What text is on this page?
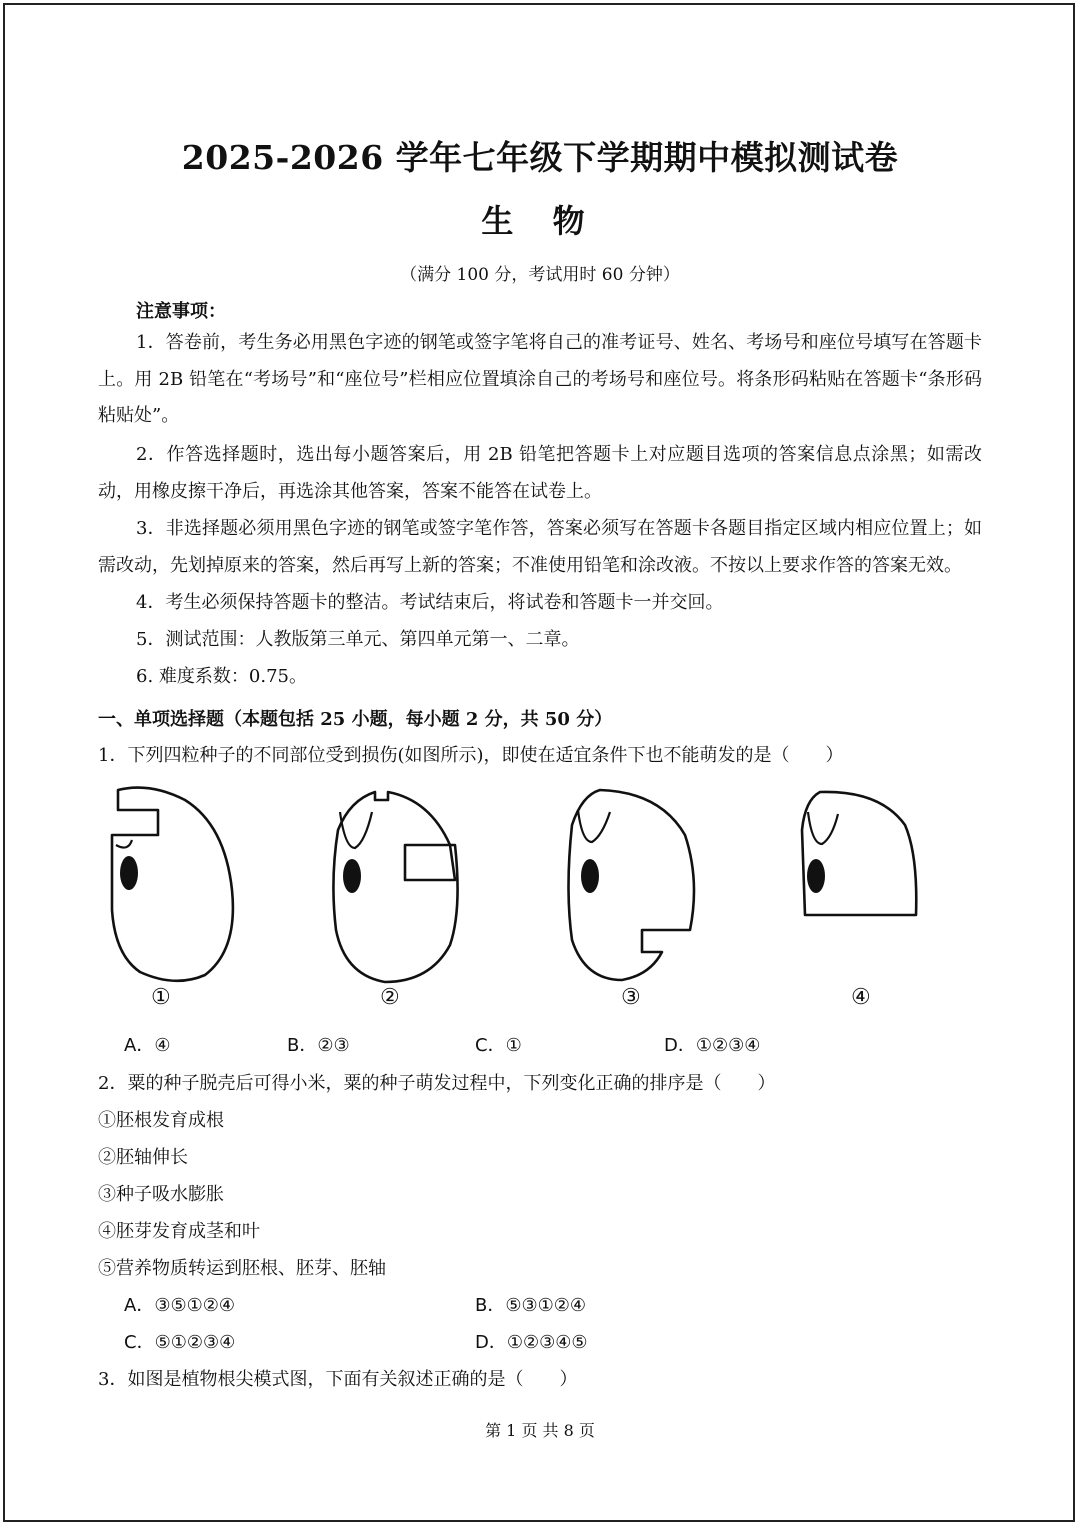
2025-2026 学年七年级下学期期中模拟测试卷
生 物
（满分 100 分，考试用时 60 分钟）
注意事项：
1．答卷前，考生务必用黑色字迹的钢笔或签字笔将自己的准考证号、姓名、考场号和座位号填写在答题卡上。用 2B 铅笔在“考场号”和“座位号”栏相应位置填涂自己的考场号和座位号。将条形码粘贴在答题卡“条形码粘贴处”。
2．作答选择题时，选出每小题答案后，用 2B 铅笔把答题卡上对应题目选项的答案信息点涂黑；如需改动，用橡皮擦干净后，再选涂其他答案，答案不能答在试卷上。
3．非选择题必须用黑色字迹的钢笔或签字笔作答，答案必须写在答题卡各题目指定区域内相应位置上；如需改动，先划掉原来的答案，然后再写上新的答案；不准使用铅笔和涂改液。不按以上要求作答的答案无效。
4．考生必须保持答题卡的整洁。考试结束后，将试卷和答题卡一并交回。
5．测试范围：人教版第三单元、第四单元第一、二章。
6. 难度系数：0.75。
一、单项选择题（本题包括 25 小题，每小题 2 分，共 50 分）
1．下列四粒种子的不同部位受到损伤(如图所示)，即使在适宜条件下也不能萌发的是（　　）
①	②	③	④
A．④	B．②③	C．①	D．①②③④
2．粟的种子脱壳后可得小米，粟的种子萌发过程中，下列变化正确的排序是（　　）
①胚根发育成根
②胚轴伸长
③种子吸水膨胀
④胚芽发育成茎和叶
⑤营养物质转运到胚根、胚芽、胚轴
A．③⑤①②④	B．⑤③①②④
C．⑤①②③④	D．①②③④⑤
3．如图是植物根尖模式图，下面有关叙述正确的是（　　）
第 1 页 共 8 页
